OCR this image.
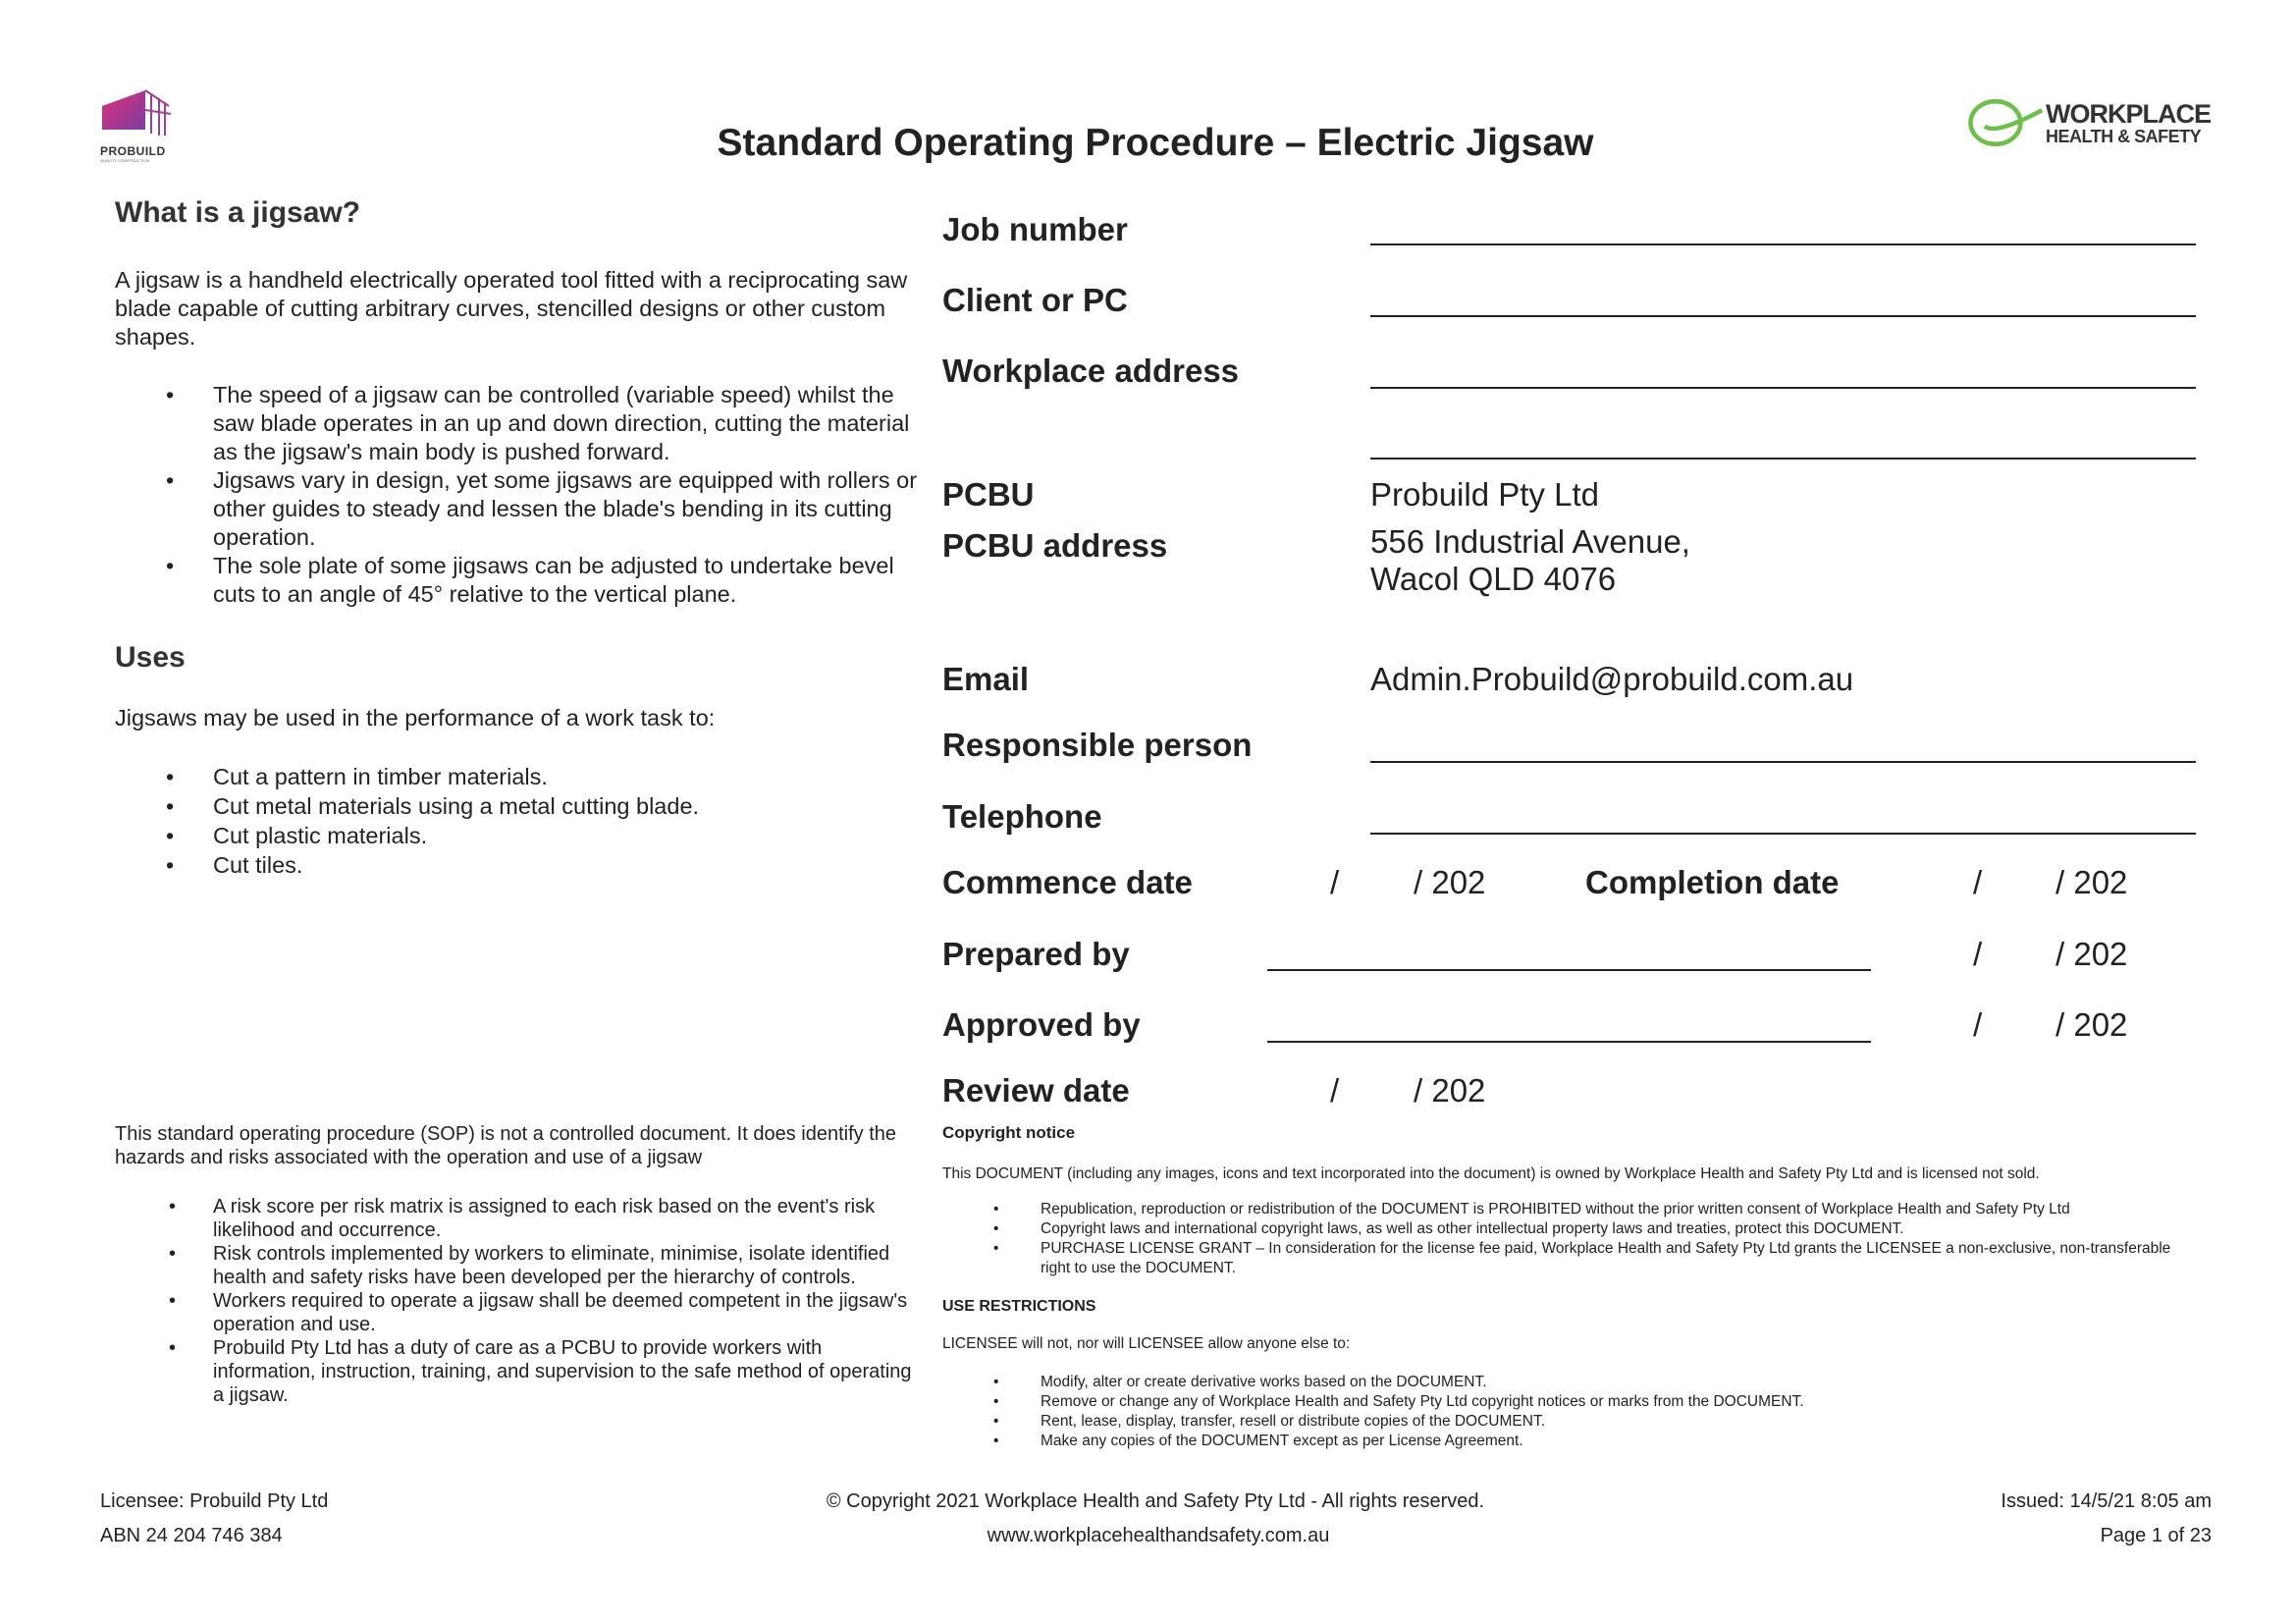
PROBUILD
QUALITY CONSTRUCTION
WORKPLACE
HEALTH & SAFETY
Standard Operating Procedure – Electric Jigsaw
What is a jigsaw?
A jigsaw is a handheld electrically operated tool fitted with a reciprocating saw blade capable of cutting arbitrary curves, stencilled designs or other custom shapes.
• The speed of a jigsaw can be controlled (variable speed) whilst the saw blade operates in an up and down direction, cutting the material as the jigsaw's main body is pushed forward.
• Jigsaws vary in design, yet some jigsaws are equipped with rollers or other guides to steady and lessen the blade's bending in its cutting operation.
• The sole plate of some jigsaws can be adjusted to undertake bevel cuts to an angle of 45° relative to the vertical plane.
Uses
Jigsaws may be used in the performance of a work task to:
• Cut a pattern in timber materials.
• Cut metal materials using a metal cutting blade.
• Cut plastic materials.
• Cut tiles.
This standard operating procedure (SOP) is not a controlled document. It does identify the hazards and risks associated with the operation and use of a jigsaw
• A risk score per risk matrix is assigned to each risk based on the event's risk likelihood and occurrence.
• Risk controls implemented by workers to eliminate, minimise, isolate identified health and safety risks have been developed per the hierarchy of controls.
• Workers required to operate a jigsaw shall be deemed competent in the jigsaw's operation and use.
• Probuild Pty Ltd has a duty of care as a PCBU to provide workers with information, instruction, training, and supervision to the safe method of operating a jigsaw.
Job number
Client or PC
Workplace address
PCBU	Probuild Pty Ltd
PCBU address	556 Industrial Avenue,
Wacol QLD 4076
Email	Admin.Probuild@probuild.com.au
Responsible person
Telephone
Commence date	/ / 202	Completion date	/ / 202
Prepared by	/ / 202
Approved by	/ / 202
Review date	/ / 202
Copyright notice
This DOCUMENT (including any images, icons and text incorporated into the document) is owned by Workplace Health and Safety Pty Ltd and is licensed not sold.
• Republication, reproduction or redistribution of the DOCUMENT is PROHIBITED without the prior written consent of Workplace Health and Safety Pty Ltd
• Copyright laws and international copyright laws, as well as other intellectual property laws and treaties, protect this DOCUMENT.
• PURCHASE LICENSE GRANT – In consideration for the license fee paid, Workplace Health and Safety Pty Ltd grants the LICENSEE a non-exclusive, non-transferable right to use the DOCUMENT.
USE RESTRICTIONS
LICENSEE will not, nor will LICENSEE allow anyone else to:
• Modify, alter or create derivative works based on the DOCUMENT.
• Remove or change any of Workplace Health and Safety Pty Ltd copyright notices or marks from the DOCUMENT.
• Rent, lease, display, transfer, resell or distribute copies of the DOCUMENT.
• Make any copies of the DOCUMENT except as per License Agreement.
Licensee: Probuild Pty Ltd
ABN 24 204 746 384
© Copyright 2021 Workplace Health and Safety Pty Ltd - All rights reserved.
www.workplacehealthandsafety.com.au
Issued: 14/5/21 8:05 am
Page 1 of 23
